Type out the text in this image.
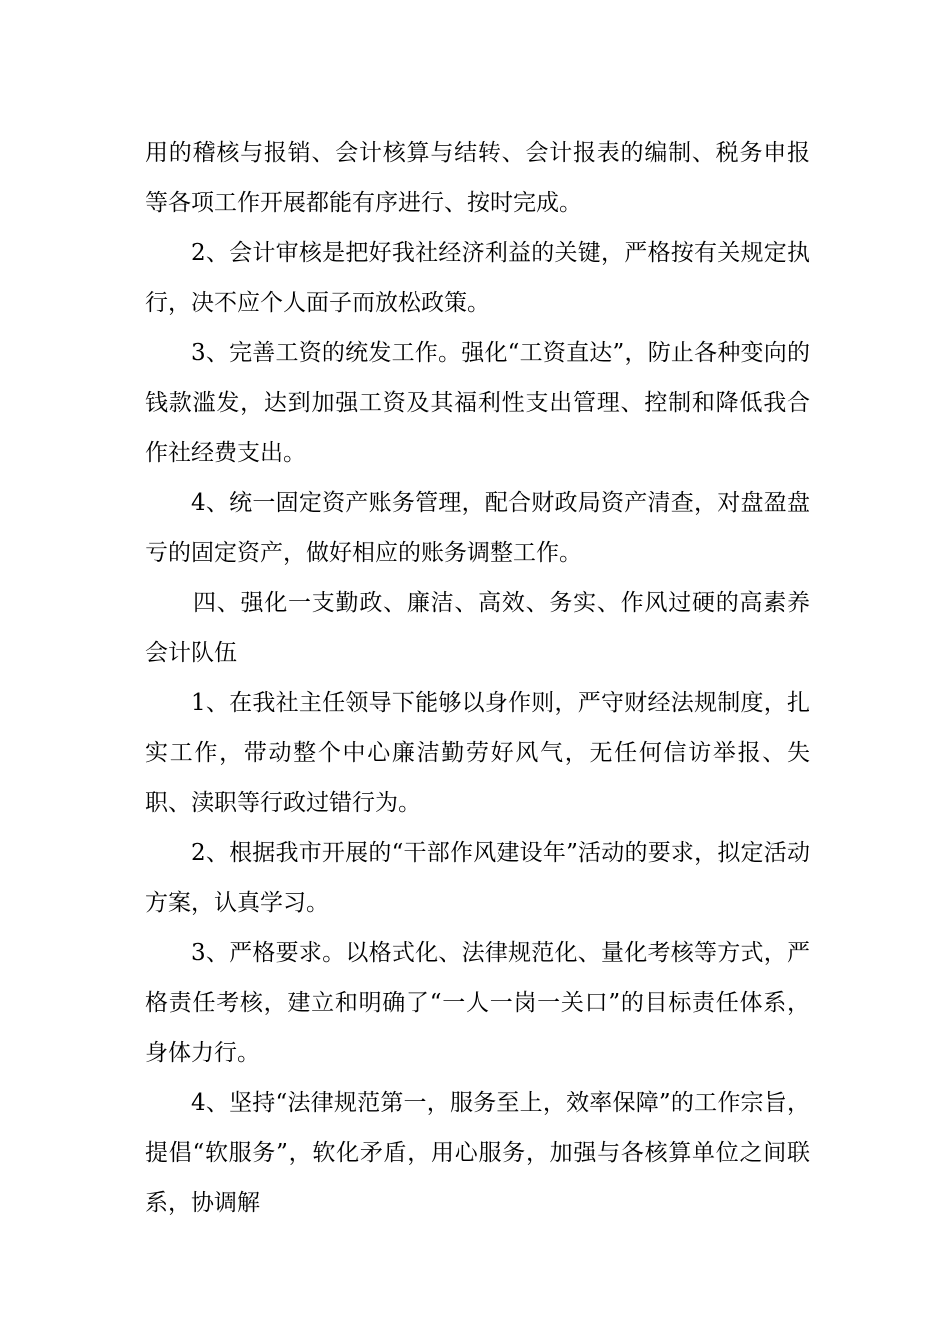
用的稽核与报销、会计核算与结转、会计报表的编制、税务申报等各项工作开展都能有序进行、按时完成。

2、会计审核是把好我社经济利益的关键，严格按有关规定执行，决不应个人面子而放松政策。

3、完善工资的统发工作。强化“工资直达”，防止各种变向的钱款滥发，达到加强工资及其福利性支出管理、控制和降低我合作社经费支出。

4、统一固定资产账务管理，配合财政局资产清查，对盘盈盘亏的固定资产，做好相应的账务调整工作。

四、强化一支勤政、廉洁、高效、务实、作风过硬的高素养会计队伍

1、在我社主任领导下能够以身作则，严守财经法规制度，扎实工作，带动整个中心廉洁勤劳好风气，无任何信访举报、失职、渎职等行政过错行为。

2、根据我市开展的“干部作风建设年”活动的要求，拟定活动方案，认真学习。

3、严格要求。以格式化、法律规范化、量化考核等方式，严格责任考核，建立和明确了“一人一岗一关口”的目标责任体系，身体力行。

4、坚持“法律规范第一，服务至上，效率保障”的工作宗旨，提倡“软服务”，软化矛盾，用心服务，加强与各核算单位之间联系，协调解
